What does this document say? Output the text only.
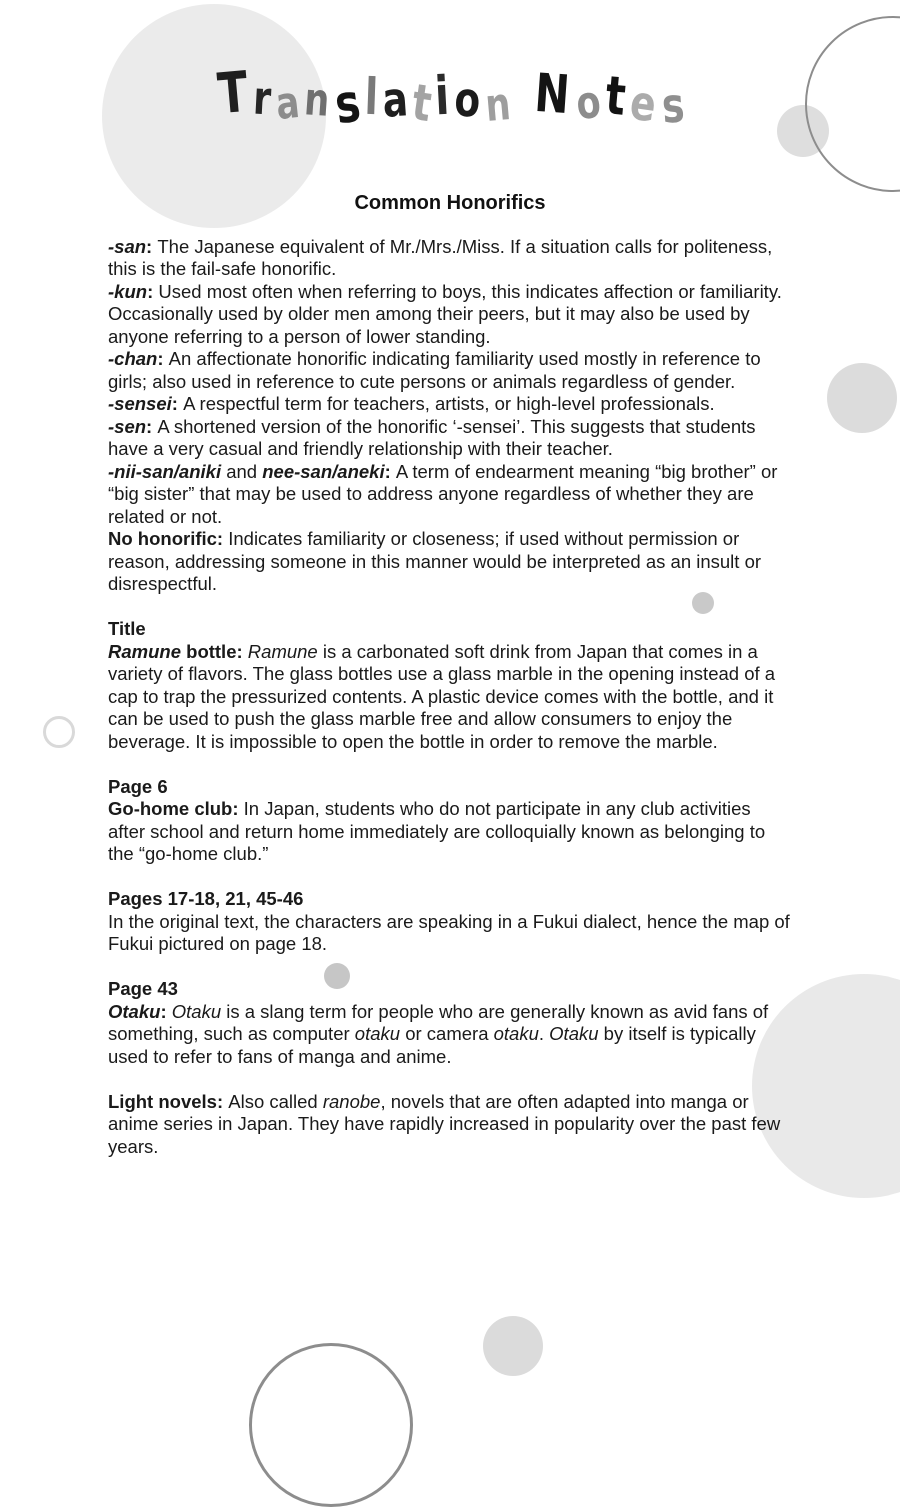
Translation Notes
Common Honorifics

-san: The Japanese equivalent of Mr./Mrs./Miss. If a situation calls for politeness, this is the fail-safe honorific.

-kun: Used most often when referring to boys, this indicates affection or familiarity. Occasionally used by older men among their peers, but it may also be used by anyone referring to a person of lower standing.

-chan: An affectionate honorific indicating familiarity used mostly in reference to girls; also used in reference to cute persons or animals regardless of gender.

-sensei: A respectful term for teachers, artists, or high-level professionals.

-sen: A shortened version of the honorific ‘-sensei’. This suggests that students have a very casual and friendly relationship with their teacher.

-nii-san/aniki and nee-san/aneki: A term of endearment meaning “big brother” or “big sister” that may be used to address anyone regardless of whether they are related or not.

No honorific: Indicates familiarity or closeness; if used without permission or reason, addressing someone in this manner would be interpreted as an insult or disrespectful.

Title

Ramune bottle: Ramune is a carbonated soft drink from Japan that comes in a variety of flavors. The glass bottles use a glass marble in the opening instead of a cap to trap the pressurized contents. A plastic device comes with the bottle, and it can be used to push the glass marble free and allow consumers to enjoy the beverage. It is impossible to open the bottle in order to remove the marble.

Page 6

Go-home club: In Japan, students who do not participate in any club activities after school and return home immediately are colloquially known as belonging to the “go-home club.”

Pages 17-18, 21, 45-46

In the original text, the characters are speaking in a Fukui dialect, hence the map of Fukui pictured on page 18.

Page 43

Otaku: Otaku is a slang term for people who are generally known as avid fans of something, such as computer otaku or camera otaku. Otaku by itself is typically used to refer to fans of manga and anime.

Light novels: Also called ranobe, novels that are often adapted into manga or anime series in Japan. They have rapidly increased in popularity over the past few years.
